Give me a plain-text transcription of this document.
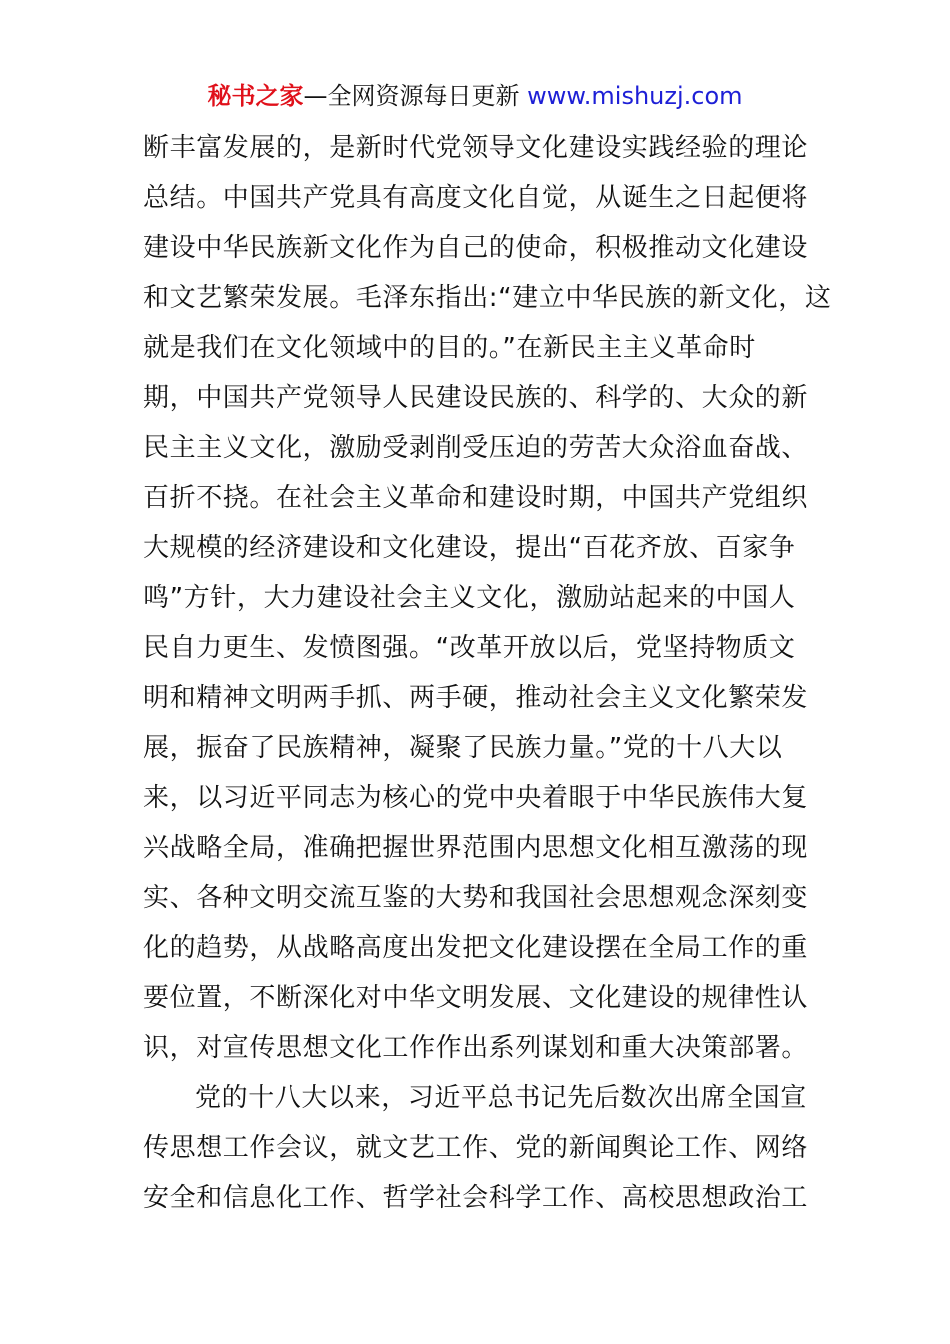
秘书之家—全网资源每日更新 www.mishuzj.com
断丰富发展的，是新时代党领导文化建设实践经验的理论
总结。中国共产党具有高度文化自觉，从诞生之日起便将
建设中华民族新文化作为自己的使命，积极推动文化建设
和文艺繁荣发展。毛泽东指出:“建立中华民族的新文化，这
就是我们在文化领域中的目的。”在新民主主义革命时
期，中国共产党领导人民建设民族的、科学的、大众的新
民主主义文化，激励受剥削受压迫的劳苦大众浴血奋战、
百折不挠。在社会主义革命和建设时期，中国共产党组织
大规模的经济建设和文化建设，提出“百花齐放、百家争
鸣”方针，大力建设社会主义文化，激励站起来的中国人
民自力更生、发愤图强。“改革开放以后，党坚持物质文
明和精神文明两手抓、两手硬，推动社会主义文化繁荣发
展，振奋了民族精神，凝聚了民族力量。”党的十八大以
来，以习近平同志为核心的党中央着眼于中华民族伟大复
兴战略全局，准确把握世界范围内思想文化相互激荡的现
实、各种文明交流互鉴的大势和我国社会思想观念深刻变
化的趋势，从战略高度出发把文化建设摆在全局工作的重
要位置，不断深化对中华文明发展、文化建设的规律性认
识，对宣传思想文化工作作出系列谋划和重大决策部署。
党的十八大以来，习近平总书记先后数次出席全国宣
传思想工作会议，就文艺工作、党的新闻舆论工作、网络
安全和信息化工作、哲学社会科学工作、高校思想政治工
